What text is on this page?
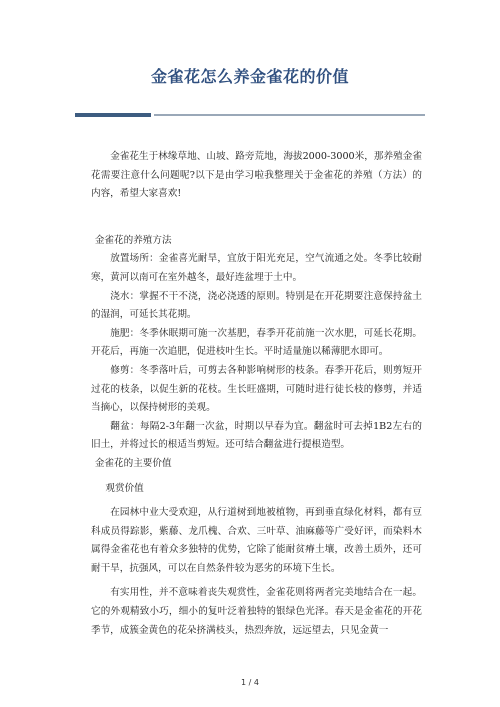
金雀花怎么养金雀花的价值

金雀花生于林缘草地、山坡、路旁荒地，海拔2000-3000米，那养殖金雀花需要注意什么问题呢?以下是由学习啦我整理关于金雀花的养殖（方法）的内容，希望大家喜欢!

金雀花的养殖方法

放置场所：金雀喜光耐旱，宜放于阳光充足，空气流通之处。冬季比较耐寒，黄河以南可在室外越冬，最好连盆埋于土中。

浇水：掌握不干不浇，浇必浇透的原则。特别是在开花期要注意保持盆土的湿润，可延长其花期。

施肥：冬季休眠期可施一次基肥，春季开花前施一次水肥，可延长花期。开花后，再施一次追肥，促进枝叶生长。平时适量施以稀薄肥水即可。

修剪：冬季落叶后，可剪去各种影响树形的枝条。春季开花后，则剪短开过花的枝条，以促生新的花枝。生长旺盛期，可随时进行徒长枝的修剪，并适当摘心，以保持树形的美观。

翻盆：每隔2-3年翻一次盆，时期以早春为宜。翻盆时可去掉1B2左右的旧土，并将过长的根适当剪短。还可结合翻盆进行提根造型。

金雀花的主要价值

观赏价值

在园林中业大受欢迎，从行道树到地被植物，再到垂直绿化材料，都有豆科成员得踪影，紫藤、龙爪槐、合欢、三叶草、油麻藤等广受好评，而染料木属得金雀花也有着众多独特的优势，它除了能耐贫瘠土壤，改善土质外，还可耐干旱，抗强风，可以在自然条件较为恶劣的环境下生长。

有实用性，并不意味着丧失观赏性，金雀花则将两者完美地结合在一起。它的外观精致小巧，细小的复叶泛着独特的银绿色光泽。春天是金雀花的开花季节，成簇金黄色的花朵挤满枝头，热烈奔放，远远望去，只见金黄一

1 / 4
